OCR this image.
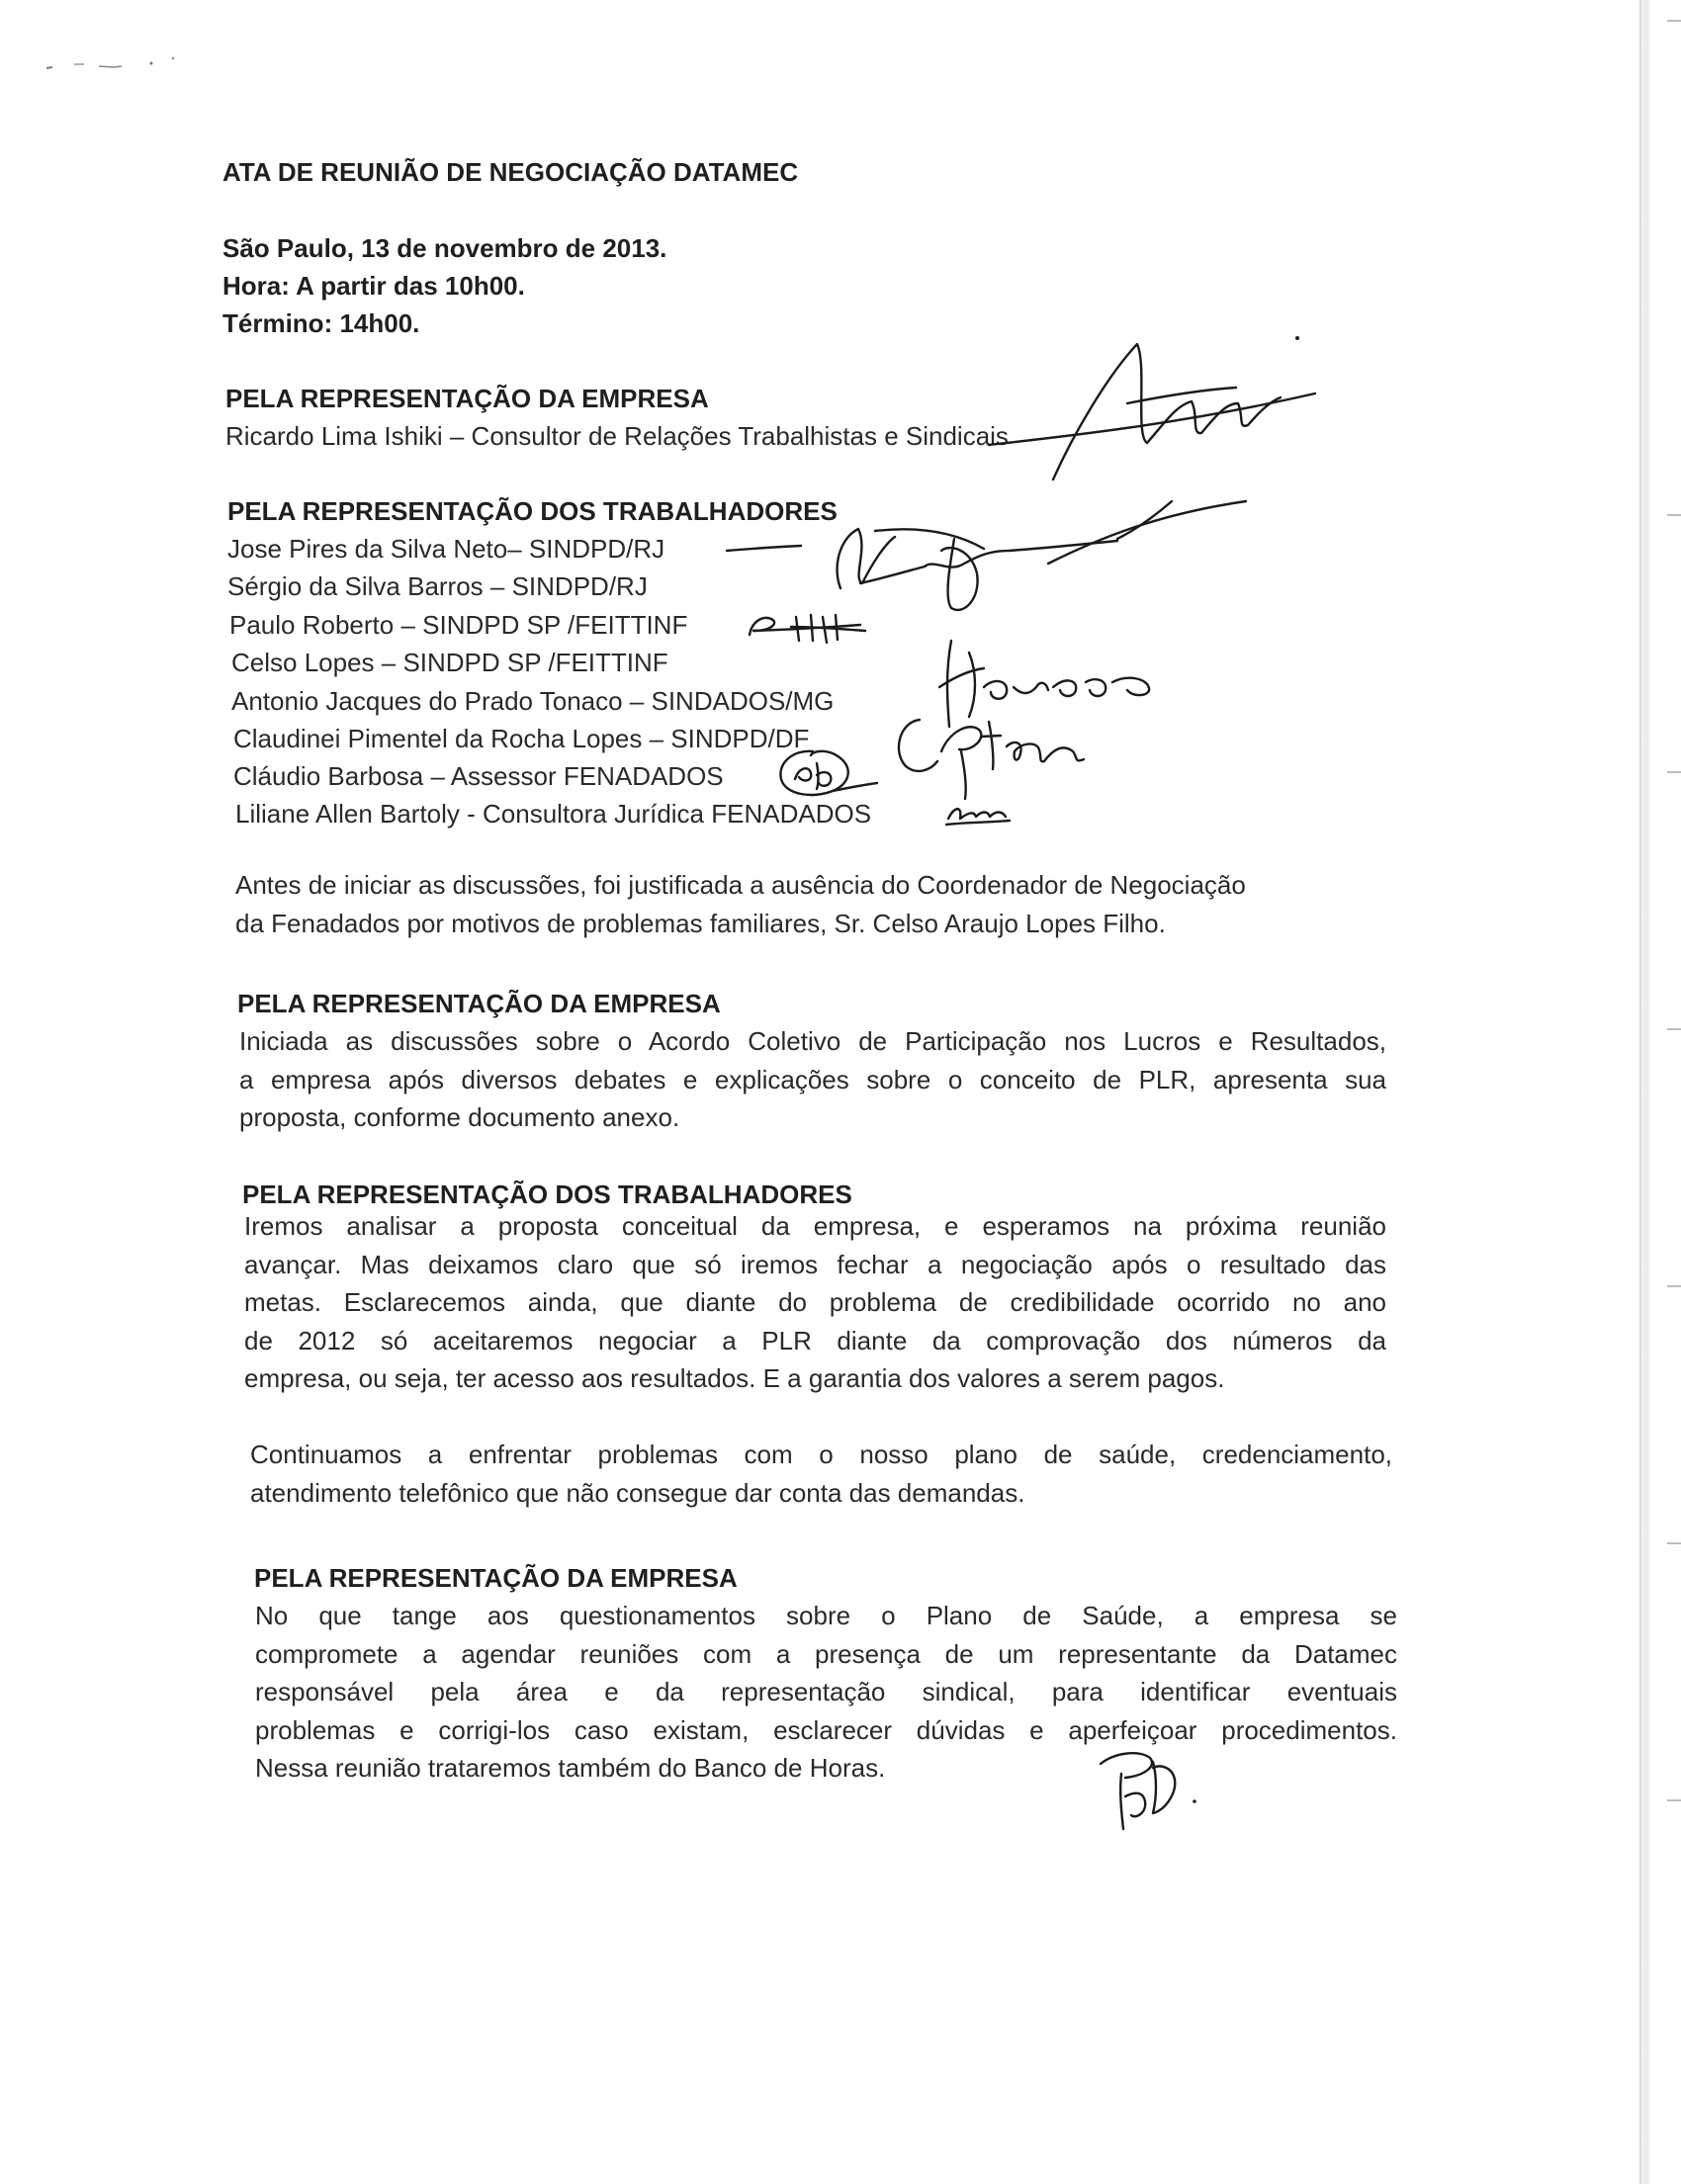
ATA DE REUNIÃO DE NEGOCIAÇÃO DATAMEC
São Paulo, 13 de novembro de 2013.
Hora: A partir das 10h00.
Término: 14h00.
PELA REPRESENTAÇÃO DA EMPRESA
Ricardo Lima Ishiki – Consultor de Relações Trabalhistas e Sindicais
PELA REPRESENTAÇÃO DOS TRABALHADORES
Jose Pires da Silva Neto– SINDPD/RJ
Sérgio da Silva Barros – SINDPD/RJ
Paulo Roberto – SINDPD SP /FEITTINF
Celso Lopes – SINDPD SP /FEITTINF
Antonio Jacques do Prado Tonaco – SINDADOS/MG
Claudinei Pimentel da Rocha Lopes – SINDPD/DF
Cláudio Barbosa – Assessor FENADADOS
Liliane Allen Bartoly - Consultora Jurídica FENADADOS
Antes de iniciar as discussões, foi justificada a ausência do Coordenador de Negociação
da Fenadados por motivos de problemas familiares, Sr. Celso Araujo Lopes Filho.
PELA REPRESENTAÇÃO DA EMPRESA
Iniciada as discussões sobre o Acordo Coletivo de Participação nos Lucros e Resultados,
a empresa após diversos debates e explicações sobre o conceito de PLR, apresenta sua
proposta, conforme documento anexo.
PELA REPRESENTAÇÃO DOS TRABALHADORES
Iremos analisar a proposta conceitual da empresa, e esperamos na próxima reunião
avançar. Mas deixamos claro que só iremos fechar a negociação após o resultado das
metas. Esclarecemos ainda, que diante do problema de credibilidade ocorrido no ano
de 2012 só aceitaremos negociar a PLR diante da comprovação dos números da
empresa, ou seja, ter acesso aos resultados. E a garantia dos valores a serem pagos.
Continuamos a enfrentar problemas com o nosso plano de saúde, credenciamento,
atendimento telefônico que não consegue dar conta das demandas.
PELA REPRESENTAÇÃO DA EMPRESA
No que tange aos questionamentos sobre o Plano de Saúde, a empresa se
compromete a agendar reuniões com a presença de um representante da Datamec
responsável pela área e da representação sindical, para identificar eventuais
problemas e corrigi-los caso existam, esclarecer dúvidas e aperfeiçoar procedimentos.
Nessa reunião trataremos também do Banco de Horas.
